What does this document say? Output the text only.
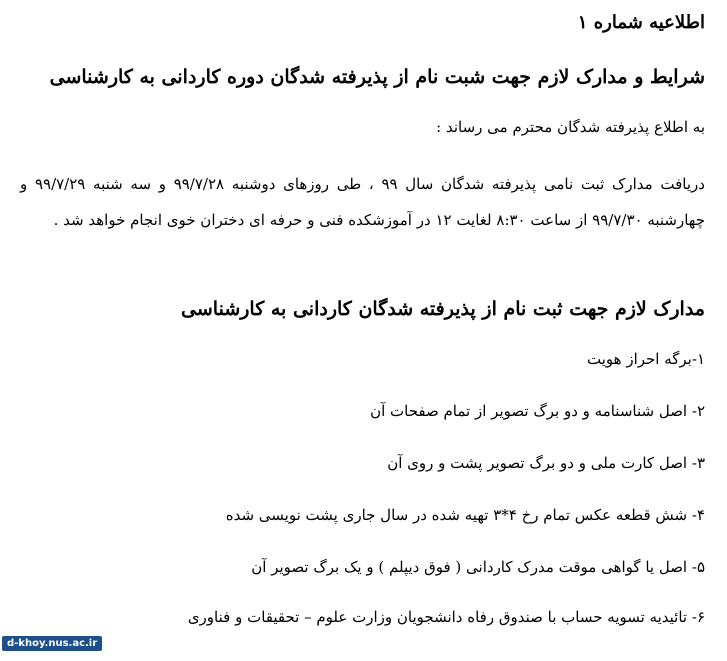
اطلاعیه شماره ۱
شرایط و مدارک لازم جهت شبت نام از پذیرفته شدگان دوره کاردانی به کارشناسی
به اطلاع پذیرفته شدگان محترم می رساند :
دریافت مدارک ثبت نامی پذیرفته شدگان سال ۹۹ ، طی روزهای دوشنبه ۹۹/۷/۲۸ و سه شنبه ۹۹/۷/۲۹ و چهارشنبه ۹۹/۷/۳۰ از ساعت ۸:۳۰ لغایت ۱۲ در آموزشکده فنی و حرفه ای دختران خوی انجام خواهد شد .
مدارک لازم جهت ثبت نام از پذیرفته شدگان کاردانی به کارشناسی
۱-برگه احراز هویت
۲- اصل شناسنامه و دو برگ تصویر از تمام صفحات آن
۳- اصل کارت ملی و دو برگ تصویر پشت و روی آن
۴- شش قطعه عکس تمام رخ ۴*۳ تهیه شده در سال جاری پشت نویسی شده
۵- اصل یا گواهی موقت مدرک کاردانی ( فوق دیپلم ) و یک برگ تصویر آن
۶- تائیدیه تسویه حساب با صندوق رفاه دانشجویان وزارت علوم – تحقیقات و فناوری
d-khoy.nus.ac.ir
